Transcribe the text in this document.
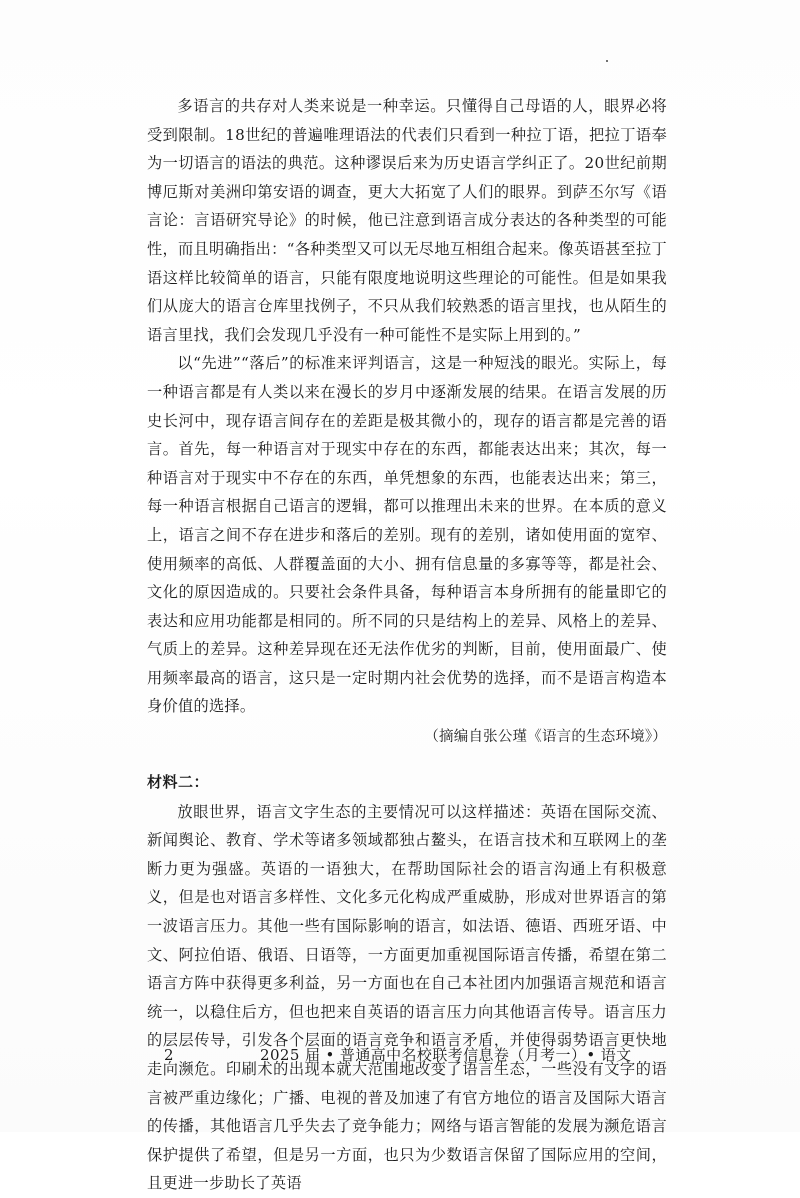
多语言的共存对人类来说是一种幸运。只懂得自己母语的人，眼界必将受到限制。18世纪的普遍唯理语法的代表们只看到一种拉丁语，把拉丁语奉为一切语言的语法的典范。这种谬误后来为历史语言学纠正了。20世纪前期博厄斯对美洲印第安语的调查，更大大拓宽了人们的眼界。到萨丕尔写《语言论：言语研究导论》的时候，他已注意到语言成分表达的各种类型的可能性，而且明确指出：“各种类型又可以无尽地互相组合起来。像英语甚至拉丁语这样比较简单的语言，只能有限度地说明这些理论的可能性。但是如果我们从庞大的语言仓库里找例子，不只从我们较熟悉的语言里找，也从陌生的语言里找，我们会发现几乎没有一种可能性不是实际上用到的。”

以“先进”“落后”的标准来评判语言，这是一种短浅的眼光。实际上，每一种语言都是有人类以来在漫长的岁月中逐渐发展的结果。在语言发展的历史长河中，现存语言间存在的差距是极其微小的，现存的语言都是完善的语言。首先，每一种语言对于现实中存在的东西，都能表达出来；其次，每一种语言对于现实中不存在的东西，单凭想象的东西，也能表达出来；第三，每一种语言根据自己语言的逻辑，都可以推理出未来的世界。在本质的意义上，语言之间不存在进步和落后的差别。现有的差别，诸如使用面的宽窄、使用频率的高低、人群覆盖面的大小、拥有信息量的多寡等等，都是社会、文化的原因造成的。只要社会条件具备，每种语言本身所拥有的能量即它的表达和应用功能都是相同的。所不同的只是结构上的差异、风格上的差异、气质上的差异。这种差异现在还无法作优劣的判断，目前，使用面最广、使用频率最高的语言，这只是一定时期内社会优势的选择，而不是语言构造本身价值的选择。

（摘编自张公瑾《语言的生态环境》）

材料二：

放眼世界，语言文字生态的主要情况可以这样描述：英语在国际交流、新闻舆论、教育、学术等诸多领域都独占鳌头，在语言技术和互联网上的垄断力更为强盛。英语的一语独大，在帮助国际社会的语言沟通上有积极意义，但是也对语言多样性、文化多元化构成严重威胁，形成对世界语言的第一波语言压力。其他一些有国际影响的语言，如法语、德语、西班牙语、中文、阿拉伯语、俄语、日语等，一方面更加重视国际语言传播，希望在第二语言方阵中获得更多利益，另一方面也在自己本社团内加强语言规范和语言统一，以稳住后方，但也把来自英语的语言压力向其他语言传导。语言压力的层层传导，引发各个层面的语言竞争和语言矛盾，并使得弱势语言更快地走向濒危。印刷术的出现本就大范围地改变了语言生态，一些没有文字的语言被严重边缘化；广播、电视的普及加速了有官方地位的语言及国际大语言的传播，其他语言几乎失去了竞争能力；网络与语言智能的发展为濒危语言保护提供了希望，但是另一方面，也只为少数语言保留了国际应用的空间，且更进一步助长了英语

2	2025 届 • 普通高中名校联考信息卷（月考一）• 语文
